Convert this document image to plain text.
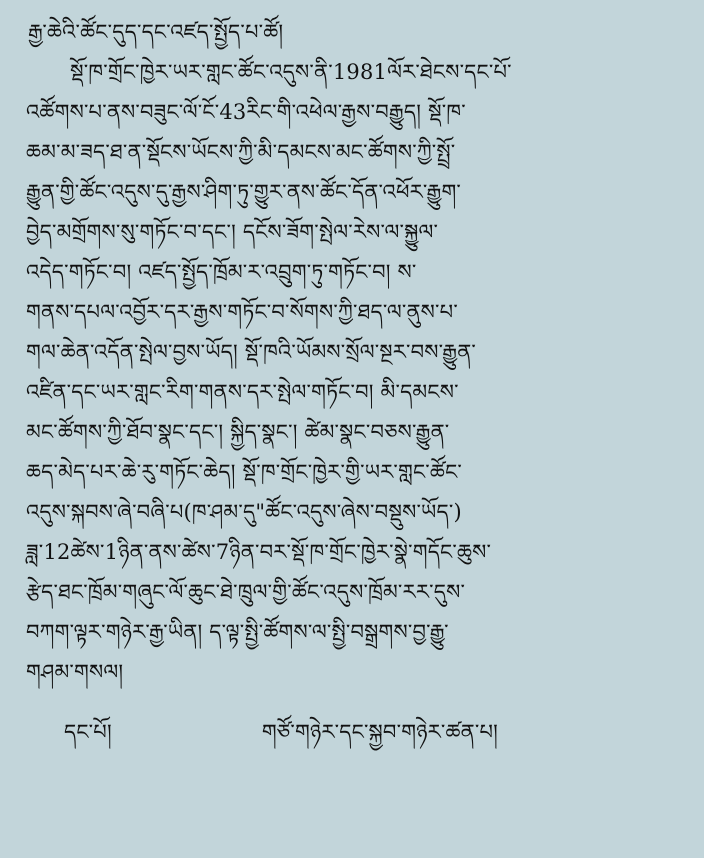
རྒྱ་ཆེའི་ཚོང་དུད་དང་འཛད་སྤྱོད་པ་ཚོ།
སྡོ་ཁ་གྲོང་ཁྱེར་ཡར་གླང་ཚོང་འདུས་ནི་1981ལོར་ཐེངས་དང་པོ་
འཚོགས་པ་ནས་བཟུང་ལོ་ངོ་43རིང་གི་འཕེལ་རྒྱས་བརྒྱུད། སྡོ་ཁ་
ཆམ་མ་ཟད་ཐ་ན་སྡོངས་ཡོངས་ཀྱི་མི་དམངས་མང་ཚོགས་ཀྱི་སྤྲོ་
རྒྱུན་གྱི་ཚོང་འདུས་དུ་རྒྱས་ཤིག་ཏུ་གྱུར་ནས་ཚོང་དོན་འཕོར་རྒྱུག་
བྱེད་མགྲོགས་སུ་གཏོང་བ་དང་། དངོས་ཟོག་སྤེལ་རེས་ལ་སྐྱུལ་
འདེད་གཏོང་བ། འཛད་སྤྱོད་ཁྲོམ་ར་འབྲུག་ཏུ་གཏོང་བ། ས་
གནས་དཔལ་འབྱོར་དར་རྒྱས་གཏོང་བ་སོགས་ཀྱི་ཐད་ལ་ནུས་པ་
གལ་ཆེན་འདོན་སྤེལ་བྱས་ཡོད། སྡོ་ཁའི་ཡོམས་སྲོལ་སྔར་བས་རྒྱུན་
འཛིན་དང་ཡར་གླང་རིག་གནས་དར་སྤེལ་གཏོང་བ། མི་དམངས་
མང་ཚོགས་ཀྱི་ཐོབ་སྣང་དང་། སྐྱིད་སྣང་། ཚེམ་སྣང་བཅས་རྒྱུན་
ཆད་མེད་པར་ཆེ་རུ་གཏོང་ཆེད། སྡོ་ཁ་གྲོང་ཁྱེར་གྱི་ཡར་གླང་ཚོང་
འདུས་སྐབས་ཞེ་བཞི་པ(ཁ་ཤམ་དུ"ཚོང་འདུས་ཞེས་བསྡུས་ཡོད་)
ཟླ་12ཚེས་1ཉིན་ནས་ཚེས་7ཉིན་བར་སྡོ་ཁ་གྲོང་ཁྱེར་སྣེ་གདོང་ཆུས་
རྩེད་ཐང་ཁྲོམ་གཞུང་ལོ་ཆུང་ཐེ་ཁྲུལ་གྱི་ཚོང་འདུས་ཁྲོམ་རར་དུས་
བཀག་ལྟར་གཉེར་རྒྱ་ཡིན། ད་ལྟ་སྤྱི་ཚོགས་ལ་སྤྱི་བསྒྲགས་བྱ་རྒྱུ་
གཤམ་གསལ།
དང་པོ།	གཙོ་གཉེར་དང་སྐྱབ་གཉེར་ཚན་པ།
